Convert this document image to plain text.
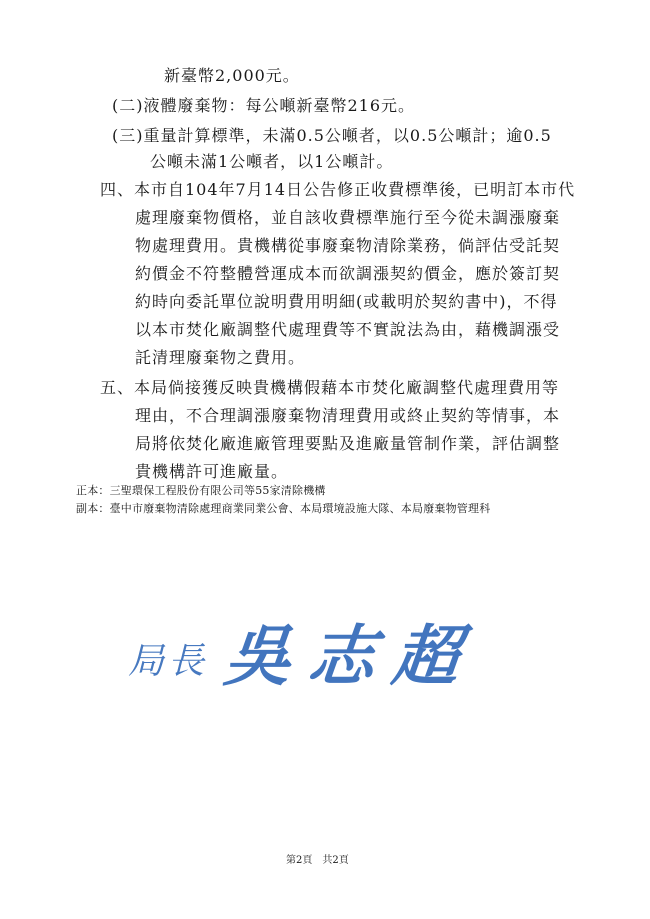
新臺幣2,000元。
(二)液體廢棄物：每公噸新臺幣216元。
(三)重量計算標準，未滿0.5公噸者，以0.5公噸計；逾0.5
公噸未滿1公噸者，以1公噸計。
四、本市自104年7月14日公告修正收費標準後，已明訂本市代
處理廢棄物價格，並自該收費標準施行至今從未調漲廢棄
物處理費用。貴機構從事廢棄物清除業務，倘評估受託契
約價金不符整體營運成本而欲調漲契約價金，應於簽訂契
約時向委託單位說明費用明細(或載明於契約書中)，不得
以本市焚化廠調整代處理費等不實說法為由，藉機調漲受
託清理廢棄物之費用。
五、本局倘接獲反映貴機構假藉本市焚化廠調整代處理費用等
理由，不合理調漲廢棄物清理費用或終止契約等情事，本
局將依焚化廠進廠管理要點及進廠量管制作業，評估調整
貴機構許可進廠量。
正本：三聖環保工程股份有限公司等55家清除機構
副本：臺中市廢棄物清除處理商業同業公會、本局環境設施大隊、本局廢棄物管理科
局長 吳志超
第2頁　共2頁
